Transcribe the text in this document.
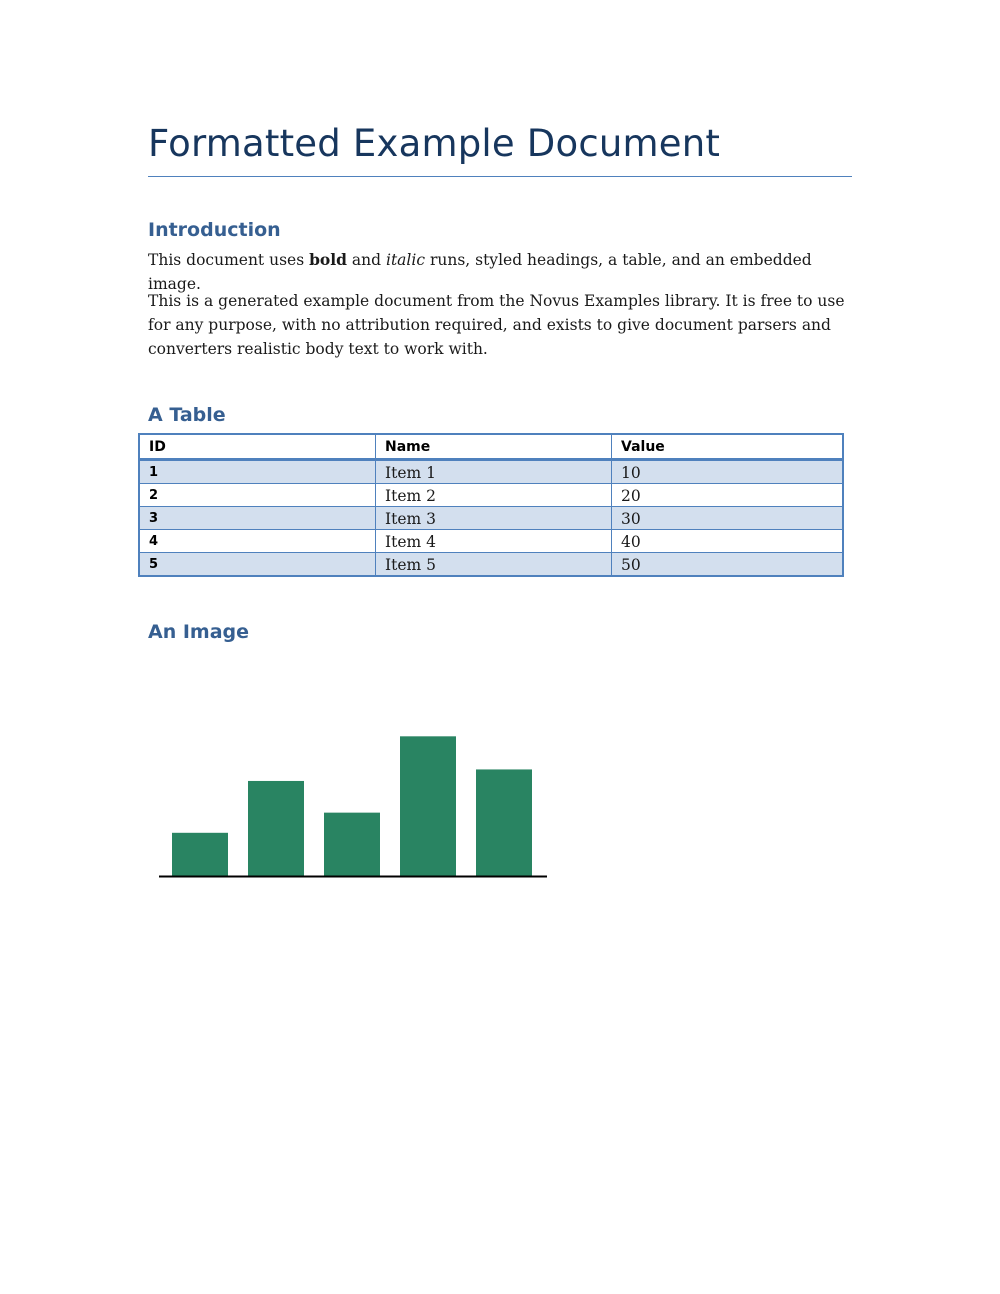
Formatted Example Document
Introduction
This document uses bold and italic runs, styled headings, a table, and an embedded image.
This is a generated example document from the Novus Examples library. It is free to use for any purpose, with no attribution required, and exists to give document parsers and converters realistic body text to work with.
A Table
ID	Name	Value
1	Item 1	10
2	Item 2	20
3	Item 3	30
4	Item 4	40
5	Item 5	50
An Image
